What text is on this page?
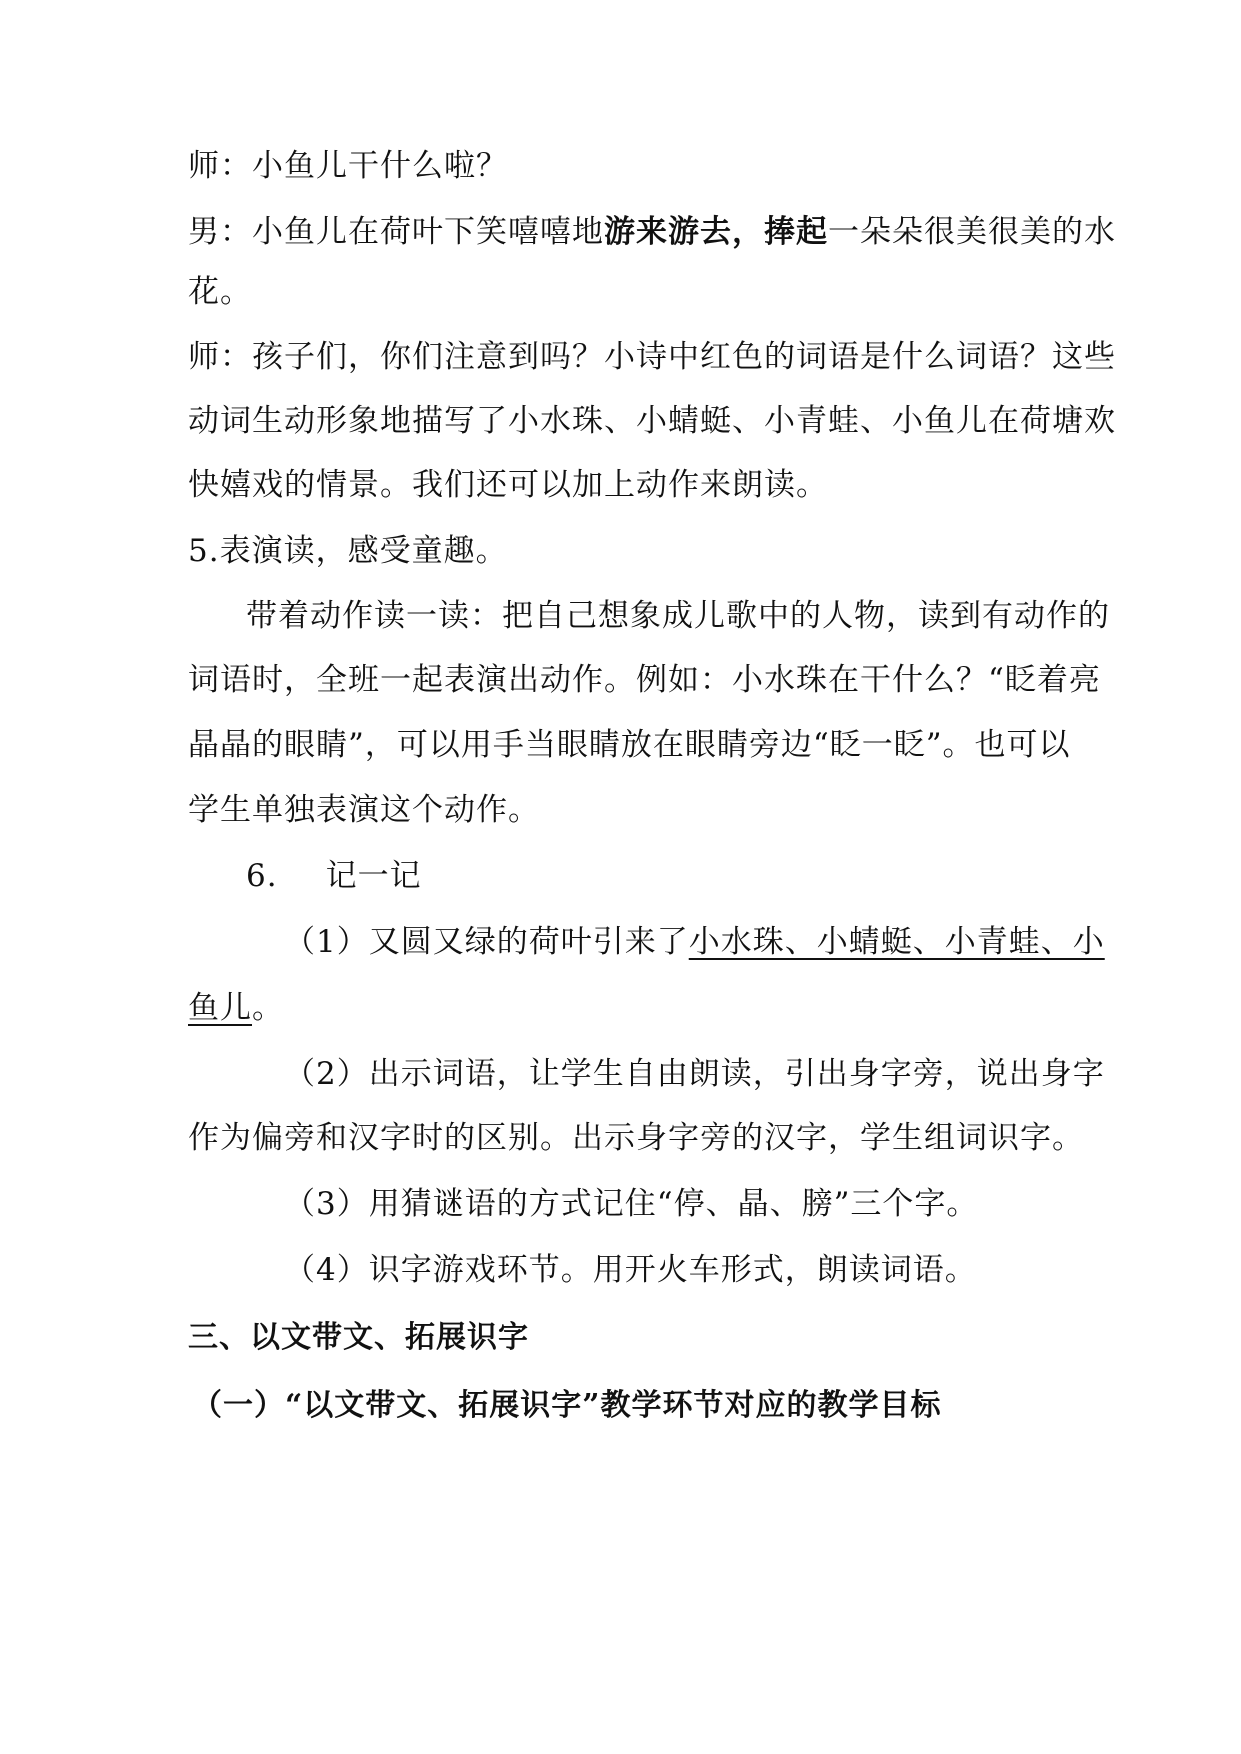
师：小鱼儿干什么啦？
男：小鱼儿在荷叶下笑嘻嘻地游来游去，捧起一朵朵很美很美的水
花。
师：孩子们，你们注意到吗？小诗中红色的词语是什么词语？这些
动词生动形象地描写了小水珠、小蜻蜓、小青蛙、小鱼儿在荷塘欢
快嬉戏的情景。我们还可以加上动作来朗读。
5.表演读，感受童趣。
带着动作读一读：把自己想象成儿歌中的人物，读到有动作的
词语时，全班一起表演出动作。例如：小水珠在干什么？“眨着亮
晶晶的眼睛”，可以用手当眼睛放在眼睛旁边“眨一眨”。也可以
学生单独表演这个动作。
6. 记一记
（1）又圆又绿的荷叶引来了小水珠、小蜻蜓、小青蛙、小
鱼儿。
（2）出示词语，让学生自由朗读，引出身字旁，说出身字
作为偏旁和汉字时的区别。出示身字旁的汉字，学生组词识字。
（3）用猜谜语的方式记住“停、晶、膀”三个字。
（4）识字游戏环节。用开火车形式，朗读词语。
三、以文带文、拓展识字
（一）“以文带文、拓展识字”教学环节对应的教学目标
